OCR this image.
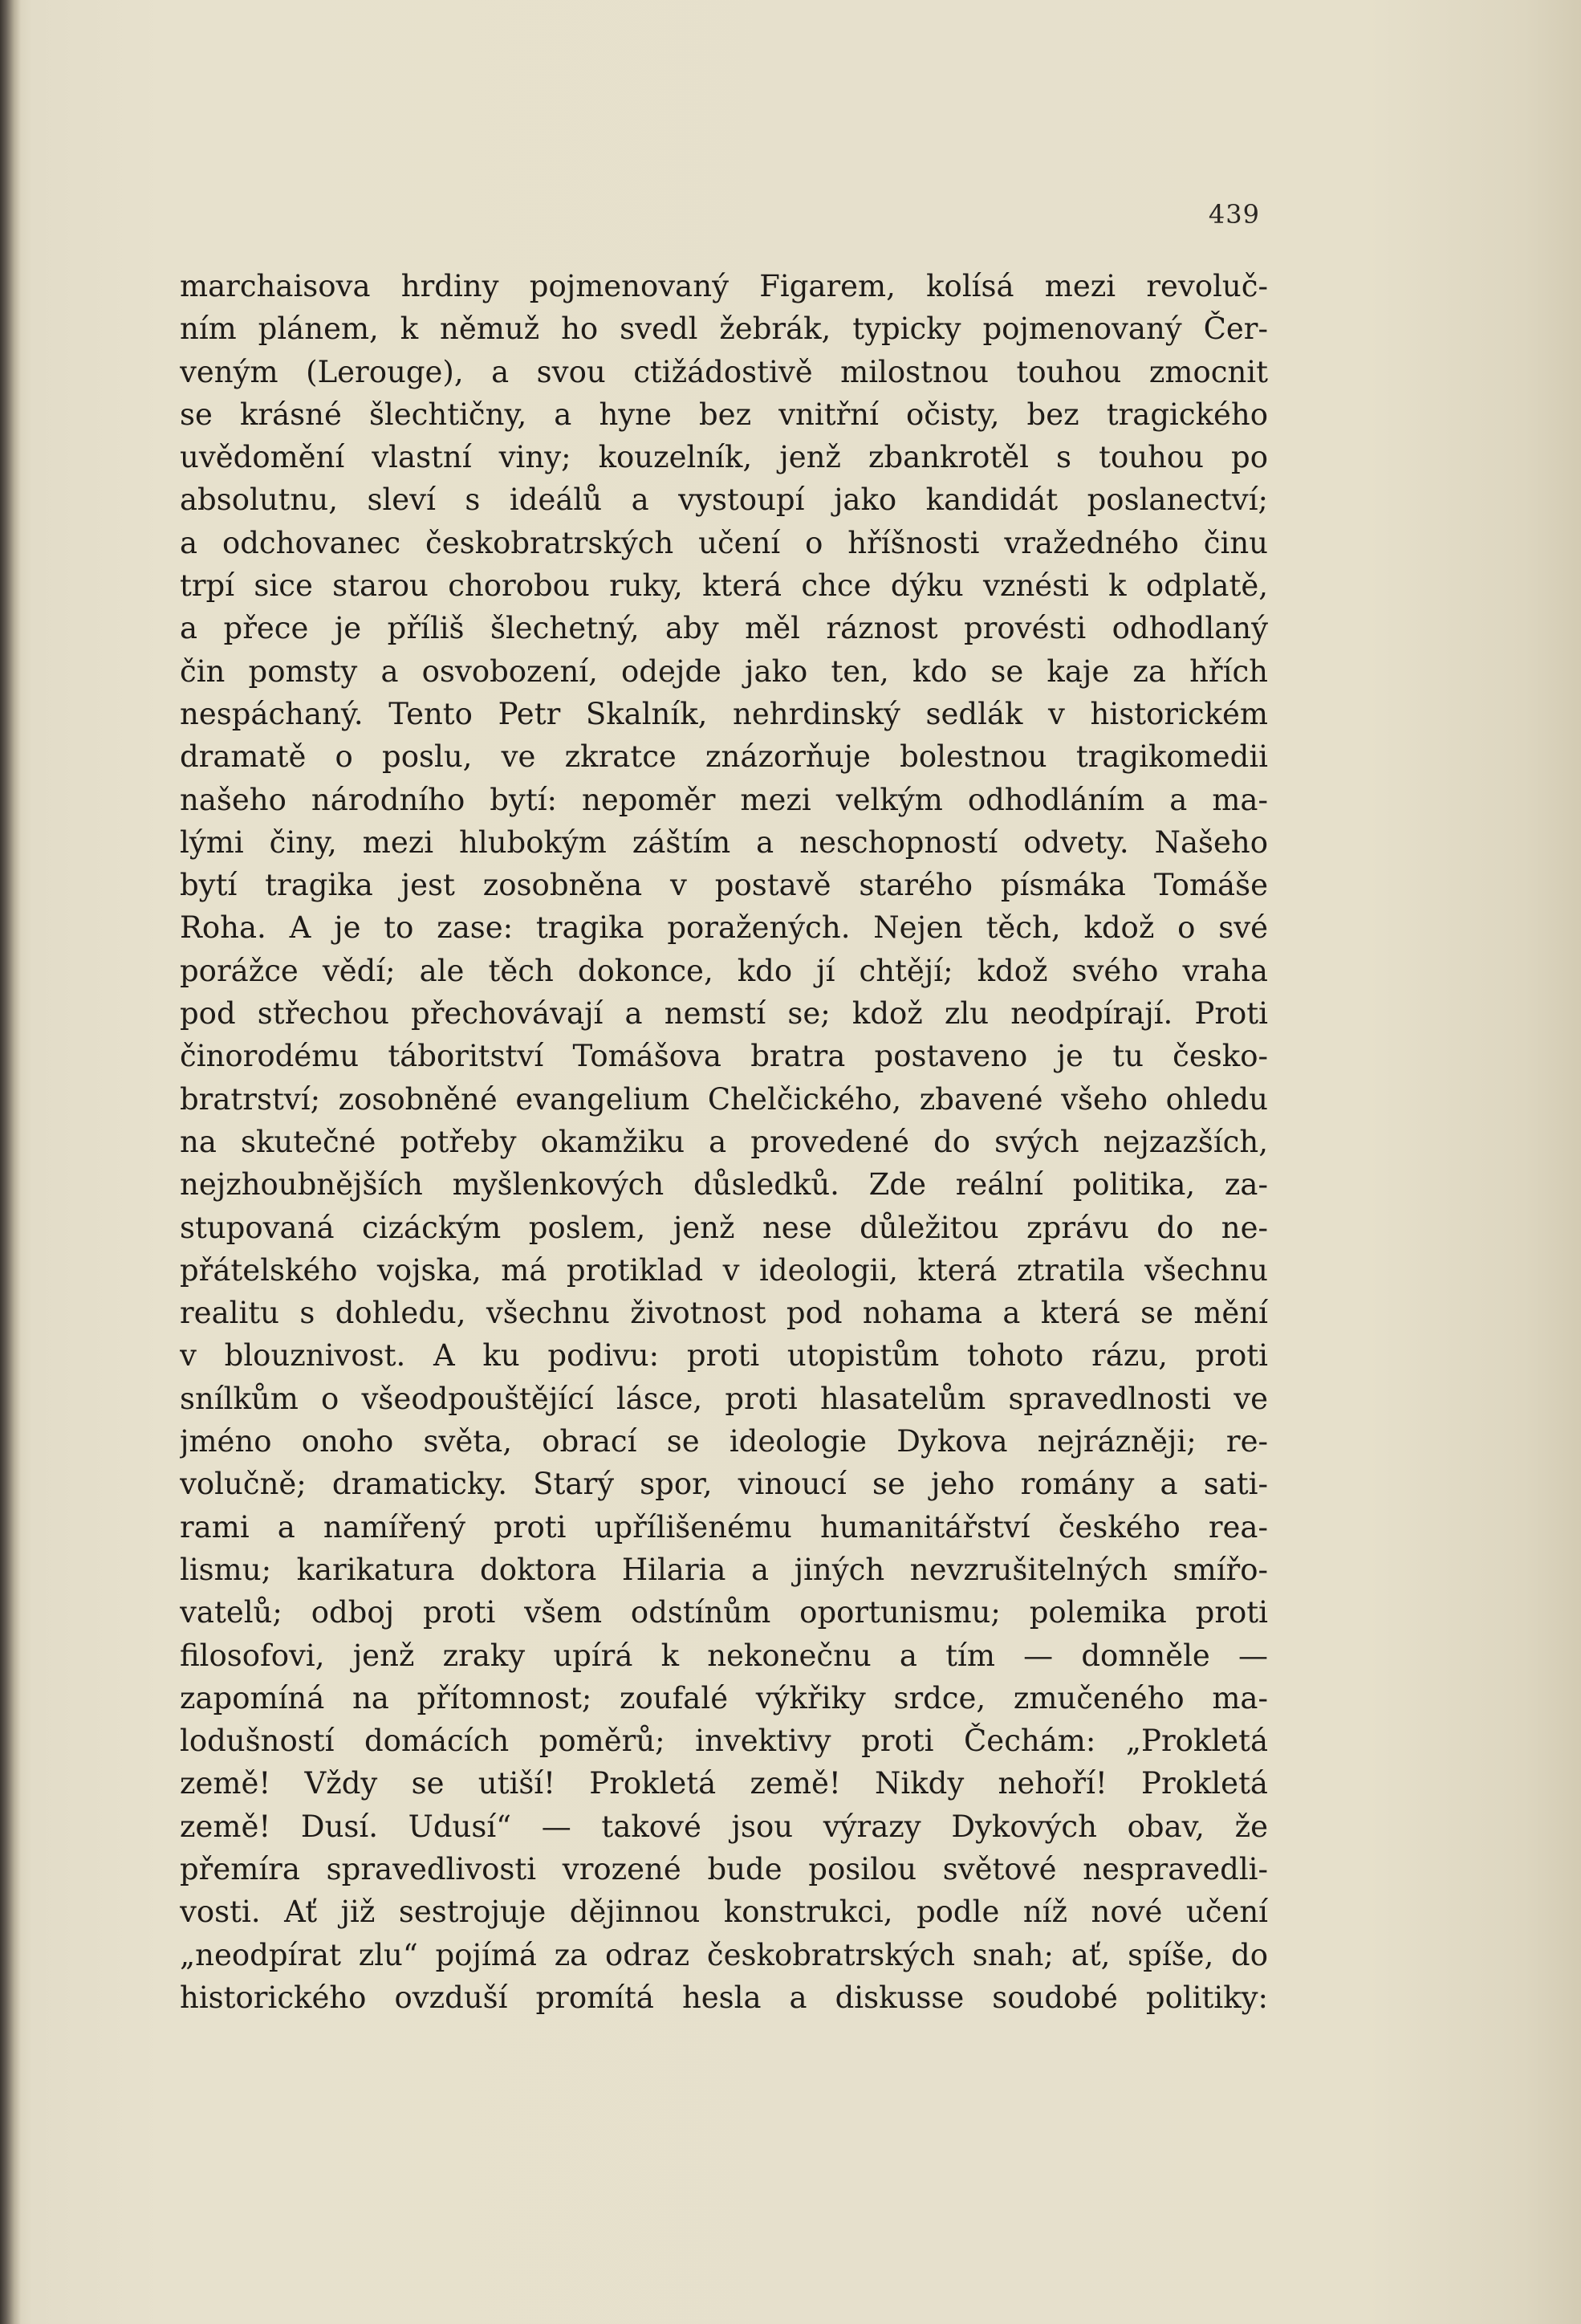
439
marchaisova hrdiny pojmenovaný Figarem, kolísá mezi revoluč-
ním plánem, k němuž ho svedl žebrák, typicky pojmenovaný Čer-
veným (Lerouge), a svou ctižádostivě milostnou touhou zmocnit
se krásné šlechtičny, a hyne bez vnitřní očisty, bez tragického
uvědomění vlastní viny; kouzelník, jenž zbankrotěl s touhou po
absolutnu, sleví s ideálů a vystoupí jako kandidát poslanectví;
a odchovanec českobratrských učení o hříšnosti vražedného činu
trpí sice starou chorobou ruky, která chce dýku vznésti k odplatě,
a přece je příliš šlechetný, aby měl ráznost provésti odhodlaný
čin pomsty a osvobození, odejde jako ten, kdo se kaje za hřích
nespáchaný. Tento Petr Skalník, nehrdinský sedlák v historickém
dramatě o poslu, ve zkratce znázorňuje bolestnou tragikomedii
našeho národního bytí: nepoměr mezi velkým odhodláním a ma-
lými činy, mezi hlubokým záštím a neschopností odvety. Našeho
bytí tragika jest zosobněna v postavě starého písmáka Tomáše
Roha. A je to zase: tragika poražených. Nejen těch, kdož o své
porážce vědí; ale těch dokonce, kdo jí chtějí; kdož svého vraha
pod střechou přechovávají a nemstí se; kdož zlu neodpírají. Proti
činorodému táboritství Tomášova bratra postaveno je tu česko-
bratrství; zosobněné evangelium Chelčického, zbavené všeho ohledu
na skutečné potřeby okamžiku a provedené do svých nejzazších,
nejzhoubnějších myšlenkových důsledků. Zde reální politika, za-
stupovaná cizáckým poslem, jenž nese důležitou zprávu do ne-
přátelského vojska, má protiklad v ideologii, která ztratila všechnu
realitu s dohledu, všechnu životnost pod nohama a která se mění
v blouznivost. A ku podivu: proti utopistům tohoto rázu, proti
snílkům o všeodpouštějící lásce, proti hlasatelům spravedlnosti ve
jméno onoho světa, obrací se ideologie Dykova nejrázněji; re-
volučně; dramaticky. Starý spor, vinoucí se jeho romány a sati-
rami a namířený proti upřílišenému humanitářství českého rea-
lismu; karikatura doktora Hilaria a jiných nevzrušitelných smířo-
vatelů; odboj proti všem odstínům oportunismu; polemika proti
filosofovi, jenž zraky upírá k nekonečnu a tím — domněle —
zapomíná na přítomnost; zoufalé výkřiky srdce, zmučeného ma-
lodušností domácích poměrů; invektivy proti Čechám: „Prokletá
země! Vždy se utiší! Prokletá země! Nikdy nehoří! Prokletá
země! Dusí. Udusí“ — takové jsou výrazy Dykových obav, že
přemíra spravedlivosti vrozené bude posilou světové nespravedli-
vosti. Ať již sestrojuje dějinnou konstrukci, podle níž nové učení
„neodpírat zlu“ pojímá za odraz českobratrských snah; ať, spíše, do
historického ovzduší promítá hesla a diskusse soudobé politiky:
